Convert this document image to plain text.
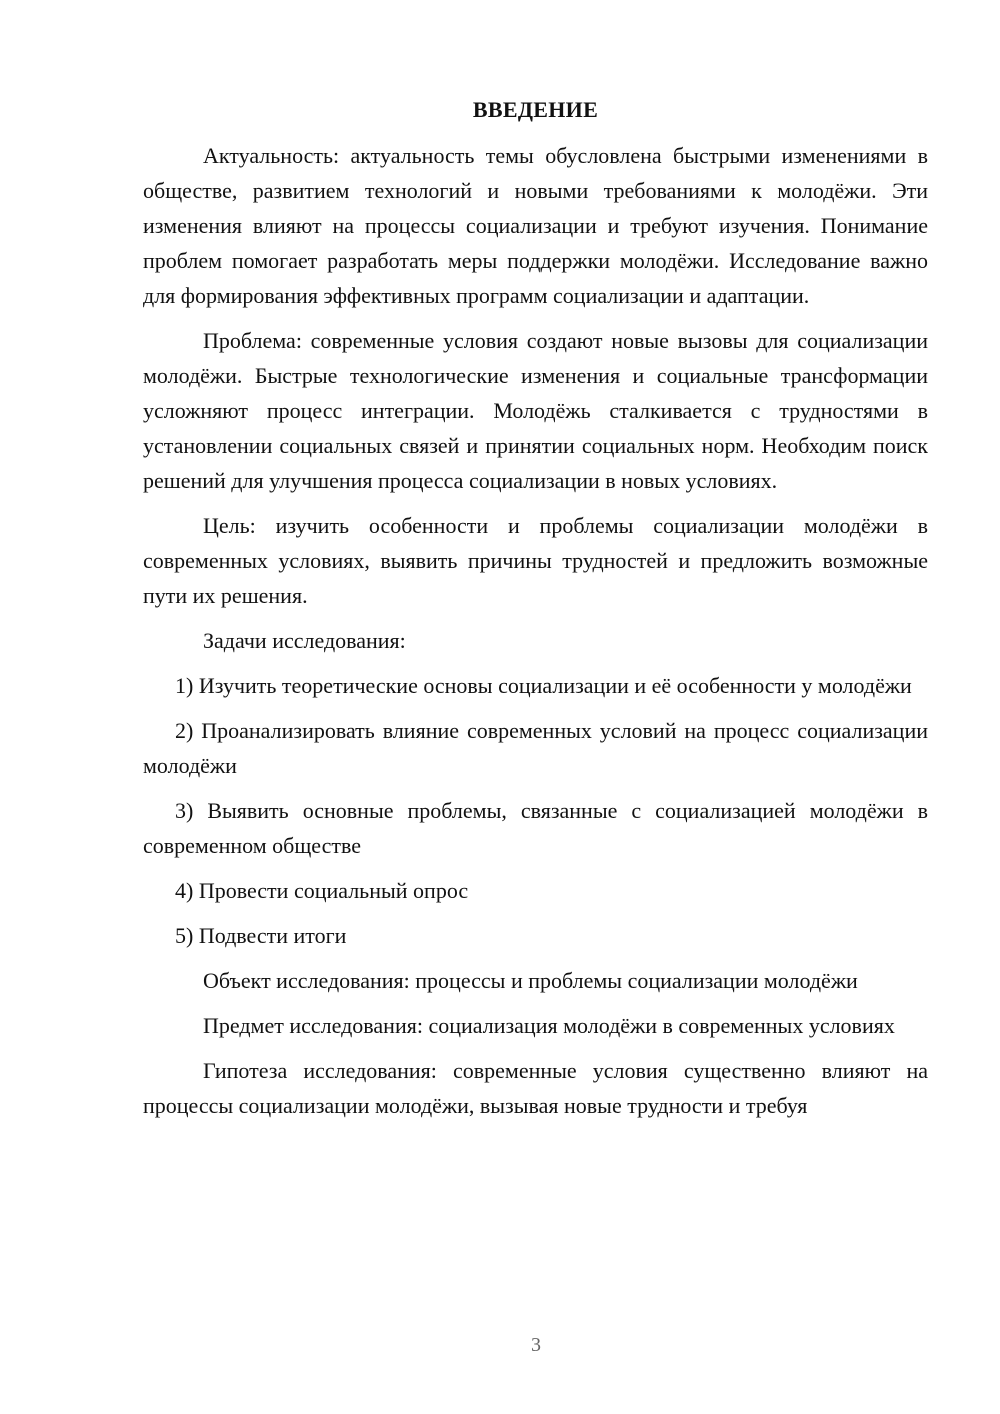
ВВЕДЕНИЕ

Актуальность: актуальность темы обусловлена быстрыми изменениями в обществе, развитием технологий и новыми требованиями к молодёжи. Эти изменения влияют на процессы социализации и требуют изучения. Понимание проблем помогает разработать меры поддержки молодёжи. Исследование важно для формирования эффективных программ социализации и адаптации.

Проблема: современные условия создают новые вызовы для социализации молодёжи. Быстрые технологические изменения и социальные трансформации усложняют процесс интеграции. Молодёжь сталкивается с трудностями в установлении социальных связей и принятии социальных норм. Необходим поиск решений для улучшения процесса социализации в новых условиях.

Цель: изучить особенности и проблемы социализации молодёжи в современных условиях, выявить причины трудностей и предложить возможные пути их решения.

Задачи исследования:

1) Изучить теоретические основы социализации и её особенности у молодёжи

2) Проанализировать влияние современных условий на процесс социализации молодёжи

3) Выявить основные проблемы, связанные с социализацией молодёжи в современном обществе

4) Провести социальный опрос

5) Подвести итоги

Объект исследования: процессы и проблемы социализации молодёжи

Предмет исследования: социализация молодёжи в современных условиях

Гипотеза исследования: современные условия существенно влияют на процессы социализации молодёжи, вызывая новые трудности и требуя

3
